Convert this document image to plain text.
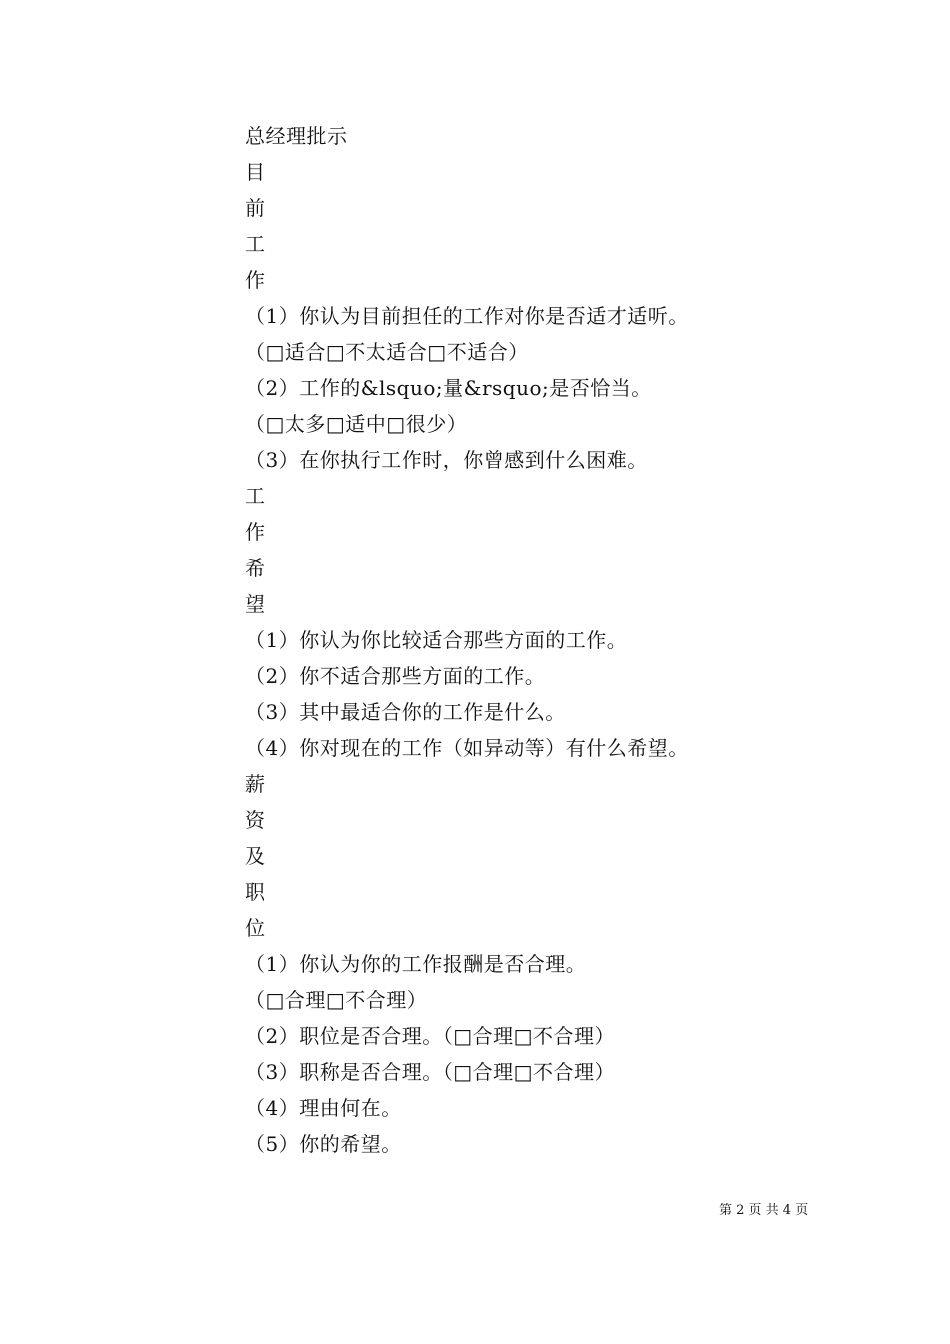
总经理批示
目
前
工
作
（1）你认为目前担任的工作对你是否适才适听。
（□适合□不太适合□不适合）
（2）工作的&lsquo;量&rsquo;是否恰当。
（□太多□适中□很少）
（3）在你执行工作时，你曾感到什么困难。
工
作
希
望
（1）你认为你比较适合那些方面的工作。
（2）你不适合那些方面的工作。
（3）其中最适合你的工作是什么。
（4）你对现在的工作（如异动等）有什么希望。
薪
资
及
职
位
（1）你认为你的工作报酬是否合理。
（□合理□不合理）
（2）职位是否合理。（□合理□不合理）
（3）职称是否合理。（□合理□不合理）
（4）理由何在。
（5）你的希望。
第 2 页 共 4 页
